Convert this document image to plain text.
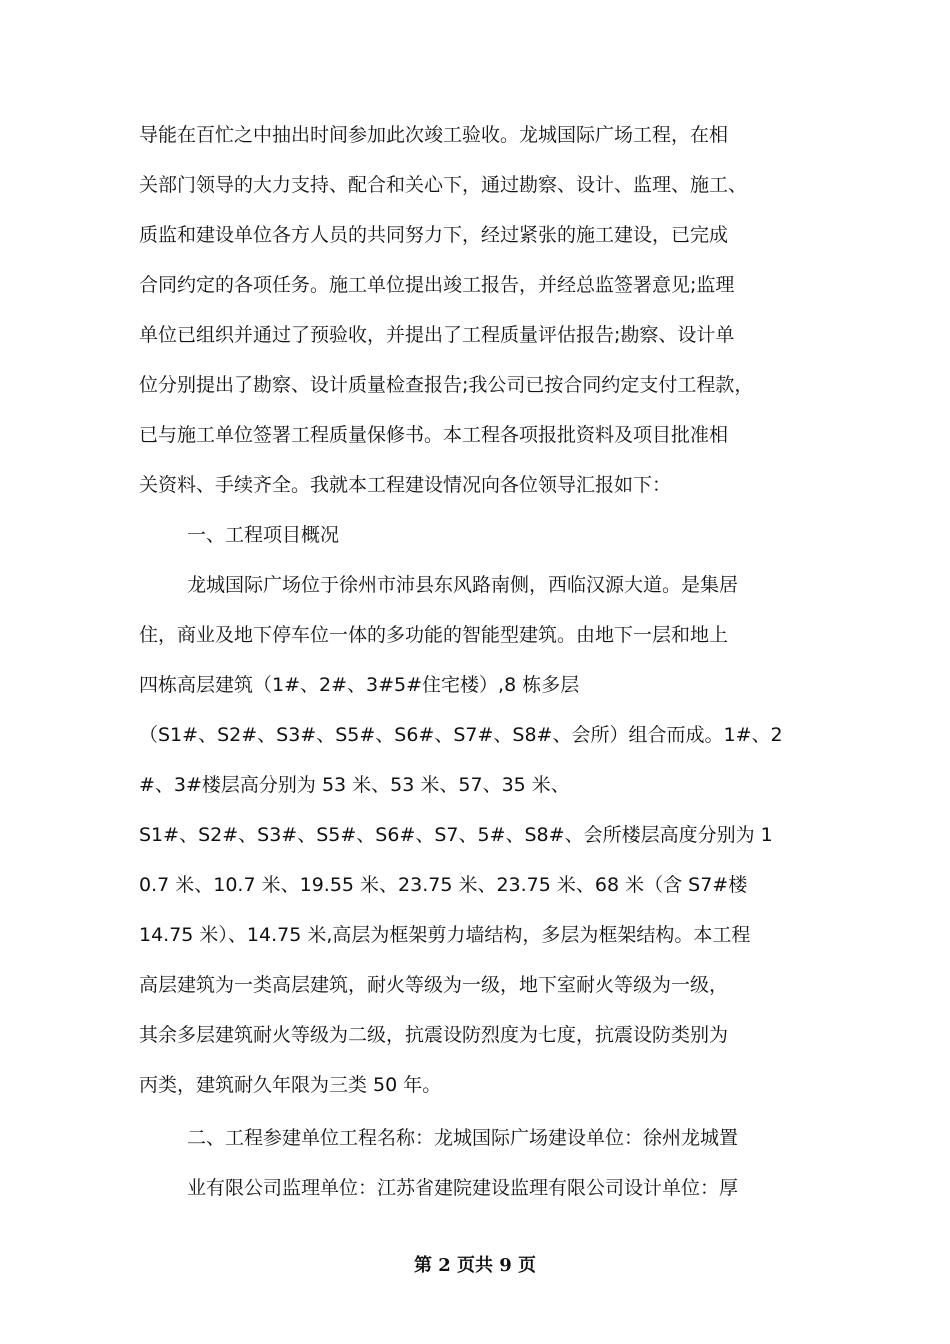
导能在百忙之中抽出时间参加此次竣工验收。龙城国际广场工程，在相
关部门领导的大力支持、配合和关心下，通过勘察、设计、监理、施工、
质监和建设单位各方人员的共同努力下，经过紧张的施工建设，已完成
合同约定的各项任务。施工单位提出竣工报告，并经总监签署意见;监理
单位已组织并通过了预验收，并提出了工程质量评估报告;勘察、设计单
位分别提出了勘察、设计质量检查报告;我公司已按合同约定支付工程款，
已与施工单位签署工程质量保修书。本工程各项报批资料及项目批准相
关资料、手续齐全。我就本工程建设情况向各位领导汇报如下：
一、工程项目概况
龙城国际广场位于徐州市沛县东风路南侧，西临汉源大道。是集居
住，商业及地下停车位一体的多功能的智能型建筑。由地下一层和地上
四栋高层建筑（1#、2#、3#5#住宅楼）,8 栋多层
（S1#、S2#、S3#、S5#、S6#、S7#、S8#、会所）组合而成。1#、2
#、3#楼层高分别为 53 米、53 米、57、35 米、
S1#、S2#、S3#、S5#、S6#、S7、5#、S8#、会所楼层高度分别为 1
0.7 米、10.7 米、19.55 米、23.75 米、23.75 米、68 米（含 S7#楼
14.75 米）、14.75 米,高层为框架剪力墙结构，多层为框架结构。本工程
高层建筑为一类高层建筑，耐火等级为一级，地下室耐火等级为一级，
其余多层建筑耐火等级为二级，抗震设防烈度为七度，抗震设防类别为
丙类，建筑耐久年限为三类 50 年。
二、工程参建单位工程名称：龙城国际广场建设单位：徐州龙城置
业有限公司监理单位：江苏省建院建设监理有限公司设计单位：厚
第 2 页共 9 页
